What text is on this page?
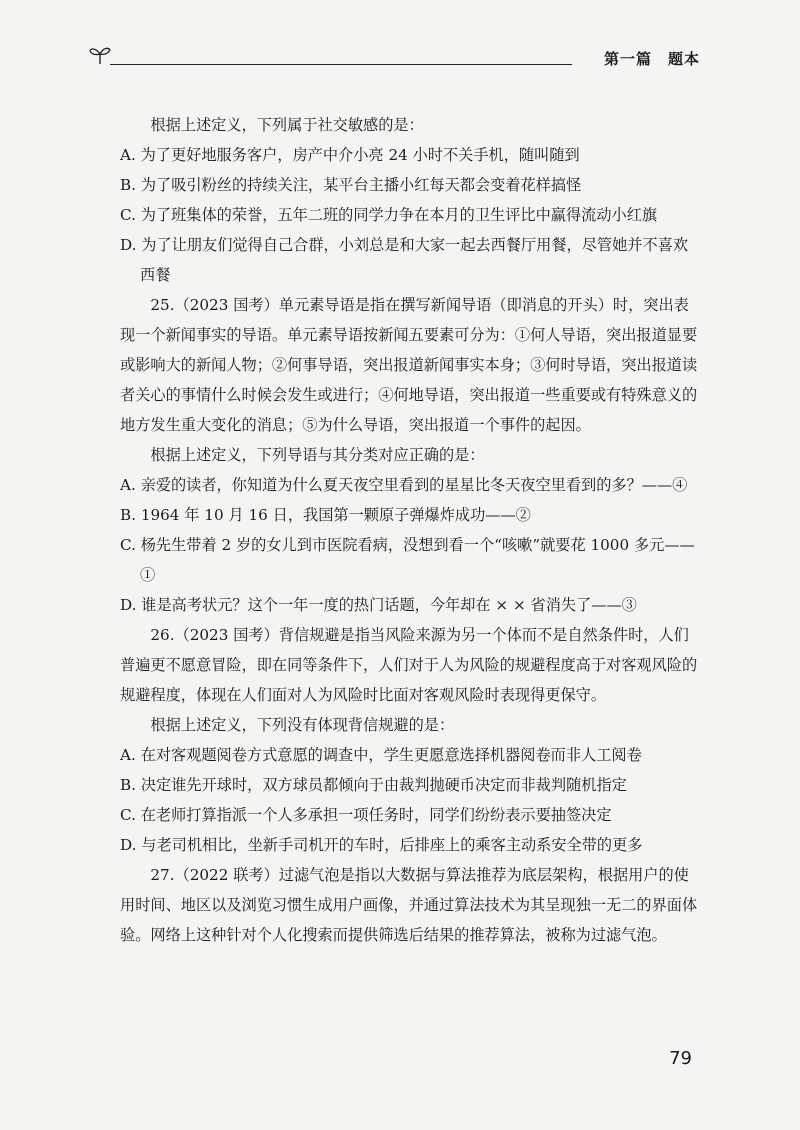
第一篇　题本

根据上述定义，下列属于社交敏感的是：

A. 为了更好地服务客户，房产中介小亮 24 小时不关手机，随叫随到

B. 为了吸引粉丝的持续关注，某平台主播小红每天都会变着花样搞怪

C. 为了班集体的荣誉，五年二班的同学力争在本月的卫生评比中赢得流动小红旗

D. 为了让朋友们觉得自己合群，小刘总是和大家一起去西餐厅用餐，尽管她并不喜欢西餐

25.（2023 国考）单元素导语是指在撰写新闻导语（即消息的开头）时，突出表现一个新闻事实的导语。单元素导语按新闻五要素可分为：①何人导语，突出报道显要或影响大的新闻人物；②何事导语，突出报道新闻事实本身；③何时导语，突出报道读者关心的事情什么时候会发生或进行；④何地导语，突出报道一些重要或有特殊意义的地方发生重大变化的消息；⑤为什么导语，突出报道一个事件的起因。

根据上述定义，下列导语与其分类对应正确的是：

A. 亲爱的读者，你知道为什么夏天夜空里看到的星星比冬天夜空里看到的多？——④

B. 1964 年 10 月 16 日，我国第一颗原子弹爆炸成功——②

C. 杨先生带着 2 岁的女儿到市医院看病，没想到看一个“咳嗽”就要花 1000 多元——①

D. 谁是高考状元？这个一年一度的热门话题，今年却在 × × 省消失了——③

26.（2023 国考）背信规避是指当风险来源为另一个体而不是自然条件时，人们普遍更不愿意冒险，即在同等条件下，人们对于人为风险的规避程度高于对客观风险的规避程度，体现在人们面对人为风险时比面对客观风险时表现得更保守。

根据上述定义，下列没有体现背信规避的是：

A. 在对客观题阅卷方式意愿的调查中，学生更愿意选择机器阅卷而非人工阅卷

B. 决定谁先开球时，双方球员都倾向于由裁判抛硬币决定而非裁判随机指定

C. 在老师打算指派一个人多承担一项任务时，同学们纷纷表示要抽签决定

D. 与老司机相比，坐新手司机开的车时，后排座上的乘客主动系安全带的更多

27.（2022 联考）过滤气泡是指以大数据与算法推荐为底层架构，根据用户的使用时间、地区以及浏览习惯生成用户画像，并通过算法技术为其呈现独一无二的界面体验。网络上这种针对个人化搜索而提供筛选后结果的推荐算法，被称为过滤气泡。

79
